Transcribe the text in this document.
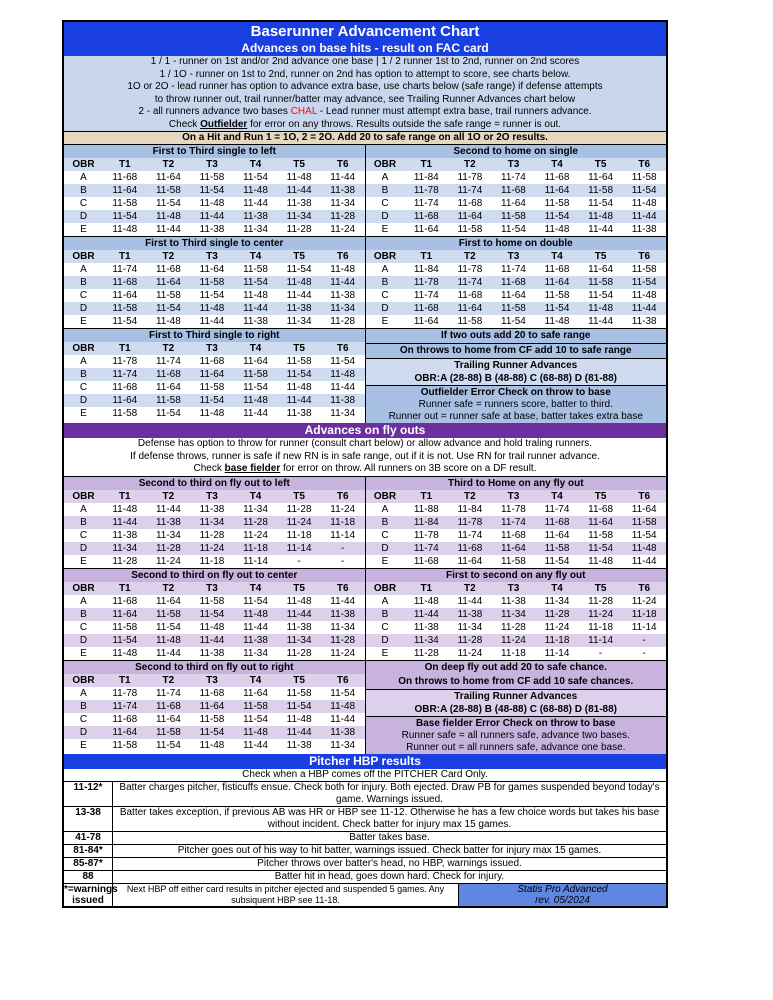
Baserunner Advancement Chart
Advances on base hits - result on FAC card
1 / 1 - runner on 1st and/or 2nd advance one base | 1 / 2 runner 1st to 2nd, runner on 2nd scores
1 / 1O - runner on 1st to 2nd, runner on 2nd has option to attempt to score, see charts below.
1O or 2O - lead runner has option to advance extra base, use charts below (safe range) if defense attempts
to throw runner out, trail runner/batter may advance, see Trailing Runner Advances chart below
2 - all runners advance two bases CHAL - Lead runner must attempt extra base, trail runners advance.
Check Outfielder for error on any throws. Results outside the safe range = runner is out.
On a Hit and Run 1 = 1O, 2 = 2O. Add 20 to safe range on all 1O or 2O results.
First to Third single to left						
OBR	T1	T2	T3	T4	T5	T6
A	11-68	11-64	11-58	11-54	11-48	11-44
B	11-64	11-58	11-54	11-48	11-44	11-38
C	11-58	11-54	11-48	11-44	11-38	11-34
D	11-54	11-48	11-44	11-38	11-34	11-28
E	11-48	11-44	11-38	11-34	11-28	11-24
First to Third single to center						
OBR	T1	T2	T3	T4	T5	T6
A	11-74	11-68	11-64	11-58	11-54	11-48
B	11-68	11-64	11-58	11-54	11-48	11-44
C	11-64	11-58	11-54	11-48	11-44	11-38
D	11-58	11-54	11-48	11-44	11-38	11-34
E	11-54	11-48	11-44	11-38	11-34	11-28
First to Third single to right						
OBR	T1	T2	T3	T4	T5	T6
A	11-78	11-74	11-68	11-64	11-58	11-54
B	11-74	11-68	11-64	11-58	11-54	11-48
C	11-68	11-64	11-58	11-54	11-48	11-44
D	11-64	11-58	11-54	11-48	11-44	11-38
E	11-58	11-54	11-48	11-44	11-38	11-34
Second to home on single						
OBR	T1	T2	T3	T4	T5	T6
A	11-84	11-78	11-74	11-68	11-64	11-58
B	11-78	11-74	11-68	11-64	11-58	11-54
C	11-74	11-68	11-64	11-58	11-54	11-48
D	11-68	11-64	11-58	11-54	11-48	11-44
E	11-64	11-58	11-54	11-48	11-44	11-38
First to home on double						
OBR	T1	T2	T3	T4	T5	T6
A	11-84	11-78	11-74	11-68	11-64	11-58
B	11-78	11-74	11-68	11-64	11-58	11-54
C	11-74	11-68	11-64	11-58	11-54	11-48
D	11-68	11-64	11-58	11-54	11-48	11-44
E	11-64	11-58	11-54	11-48	11-44	11-38
If two outs add 20 to safe range
On throws to home from CF add 10 to safe range
Trailing Runner Advances
OBR:A (28-88) B (48-88) C (68-88) D (81-88)
Outfielder Error Check on throw to base
Runner safe = runners score, batter to third.
Runner out = runner safe at base, batter takes extra base
Advances on fly outs
Defense has option to throw for runner (consult chart below) or allow advance and hold traling runners.
If defense throws, runner is safe if new RN is in safe range, out if it is not. Use RN for trail runner advance.
Check base fielder for error on throw. All runners on 3B score on a DF result.
Second to third on fly out to left						
OBR	T1	T2	T3	T4	T5	T6
A	11-48	11-44	11-38	11-34	11-28	11-24
B	11-44	11-38	11-34	11-28	11-24	11-18
C	11-38	11-34	11-28	11-24	11-18	11-14
D	11-34	11-28	11-24	11-18	11-14	-
E	11-28	11-24	11-18	11-14	-	-
Second to third on fly out to center						
OBR	T1	T2	T3	T4	T5	T6
A	11-68	11-64	11-58	11-54	11-48	11-44
B	11-64	11-58	11-54	11-48	11-44	11-38
C	11-58	11-54	11-48	11-44	11-38	11-34
D	11-54	11-48	11-44	11-38	11-34	11-28
E	11-48	11-44	11-38	11-34	11-28	11-24
Second to third on fly out to right						
OBR	T1	T2	T3	T4	T5	T6
A	11-78	11-74	11-68	11-64	11-58	11-54
B	11-74	11-68	11-64	11-58	11-54	11-48
C	11-68	11-64	11-58	11-54	11-48	11-44
D	11-64	11-58	11-54	11-48	11-44	11-38
E	11-58	11-54	11-48	11-44	11-38	11-34
Third to Home on any fly out						
OBR	T1	T2	T3	T4	T5	T6
A	11-88	11-84	11-78	11-74	11-68	11-64
B	11-84	11-78	11-74	11-68	11-64	11-58
C	11-78	11-74	11-68	11-64	11-58	11-54
D	11-74	11-68	11-64	11-58	11-54	11-48
E	11-68	11-64	11-58	11-54	11-48	11-44
First to second on any fly out						
OBR	T1	T2	T3	T4	T5	T6
A	11-48	11-44	11-38	11-34	11-28	11-24
B	11-44	11-38	11-34	11-28	11-24	11-18
C	11-38	11-34	11-28	11-24	11-18	11-14
D	11-34	11-28	11-24	11-18	11-14	-
E	11-28	11-24	11-18	11-14	-	-
On deep fly out add 20 to safe chance.
On throws to home from CF add 10 safe chances.
Trailing Runner Advances
OBR:A (28-88) B (48-88) C (68-88) D (81-88)
Base fielder Error Check on throw to base
Runner safe = all runners safe, advance two bases.
Runner out = all runners safe, advance one base.
Pitcher HBP results
Check when a HBP comes off the PITCHER Card Only.
11-12*	Batter charges pitcher, fisticuffs ensue. Check both for injury. Both ejected. Draw PB for games suspended beyond today's game. Warnings issued.
13-38	Batter takes exception, if previous AB was HR or HBP see 11-12. Otherwise he has a few choice words but takes his base without incident. Check batter for injury max 15 games.
41-78	Batter takes base.
81-84*	Pitcher goes out of his way to hit batter, warnings issued. Check batter for injury max 15 games.
85-87*	Pitcher throws over batter's head, no HBP, warnings issued.
88	Batter hit in head, goes down hard. Check for injury.
*=warnings issued
Next HBP off either card results in pitcher ejected and suspended 5 games. Any subsiquent HBP see 11-18.
Statis Pro Advanced
rev. 05/2024
